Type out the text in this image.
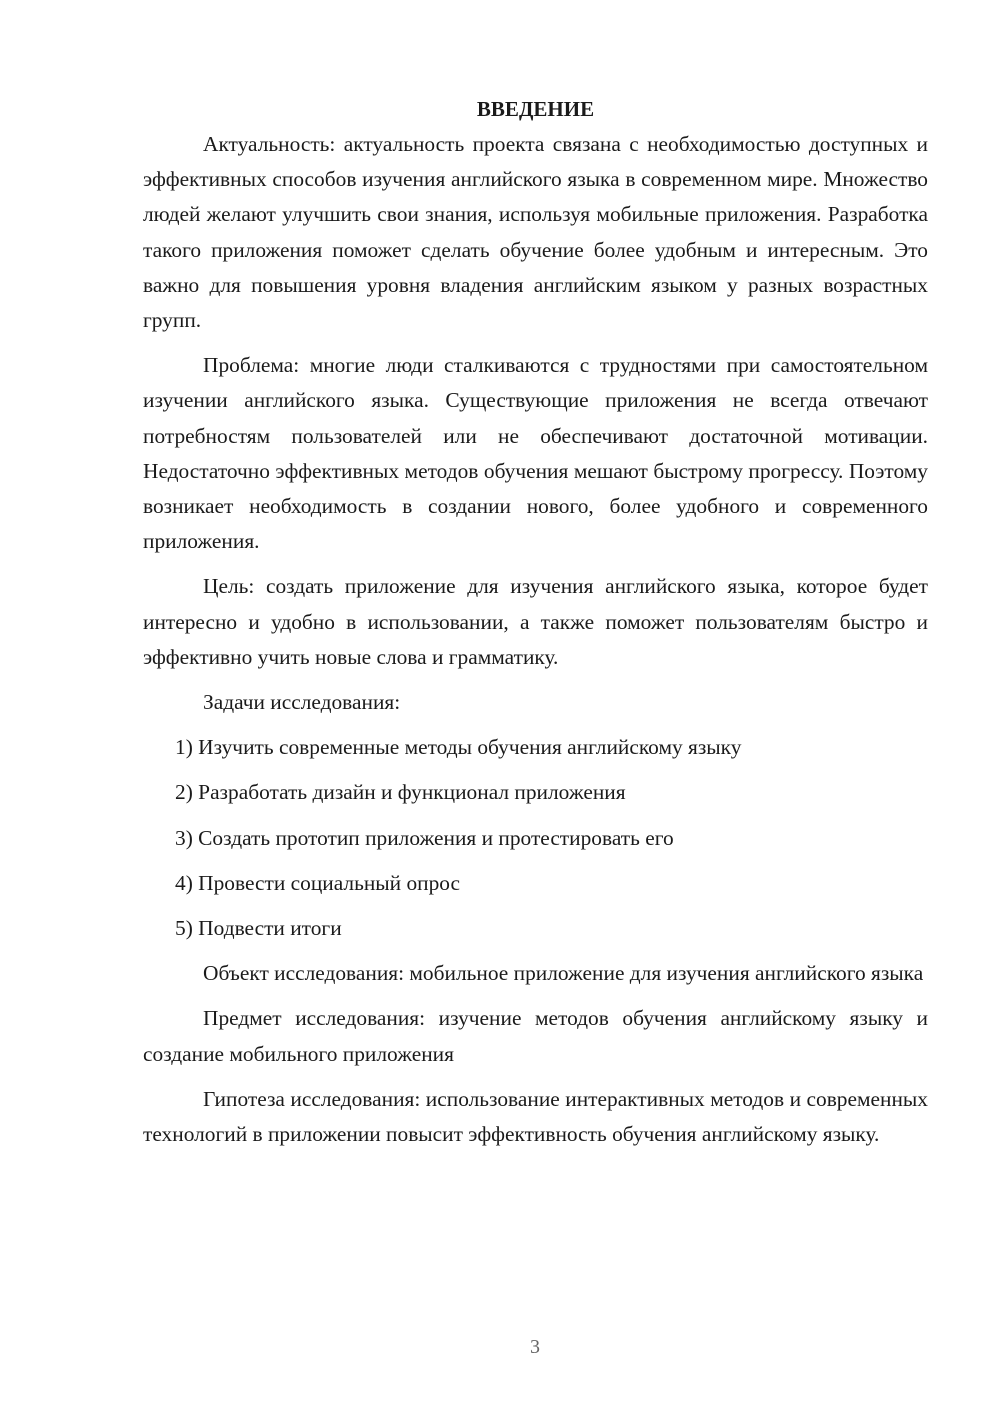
ВВЕДЕНИЕ

Актуальность: актуальность проекта связана с необходимостью доступных и эффективных способов изучения английского языка в современном мире. Множество людей желают улучшить свои знания, используя мобильные приложения. Разработка такого приложения поможет сделать обучение более удобным и интересным. Это важно для повышения уровня владения английским языком у разных возрастных групп.

Проблема: многие люди сталкиваются с трудностями при самостоятельном изучении английского языка. Существующие приложения не всегда отвечают потребностям пользователей или не обеспечивают достаточной мотивации. Недостаточно эффективных методов обучения мешают быстрому прогрессу. Поэтому возникает необходимость в создании нового, более удобного и современного приложения.

Цель: создать приложение для изучения английского языка, которое будет интересно и удобно в использовании, а также поможет пользователям быстро и эффективно учить новые слова и грамматику.

Задачи исследования:

1) Изучить современные методы обучения английскому языку
2) Разработать дизайн и функционал приложения
3) Создать прототип приложения и протестировать его
4) Провести социальный опрос
5) Подвести итоги

Объект исследования: мобильное приложение для изучения английского языка

Предмет исследования: изучение методов обучения английскому языку и создание мобильного приложения

Гипотеза исследования: использование интерактивных методов и современных технологий в приложении повысит эффективность обучения английскому языку.

3
